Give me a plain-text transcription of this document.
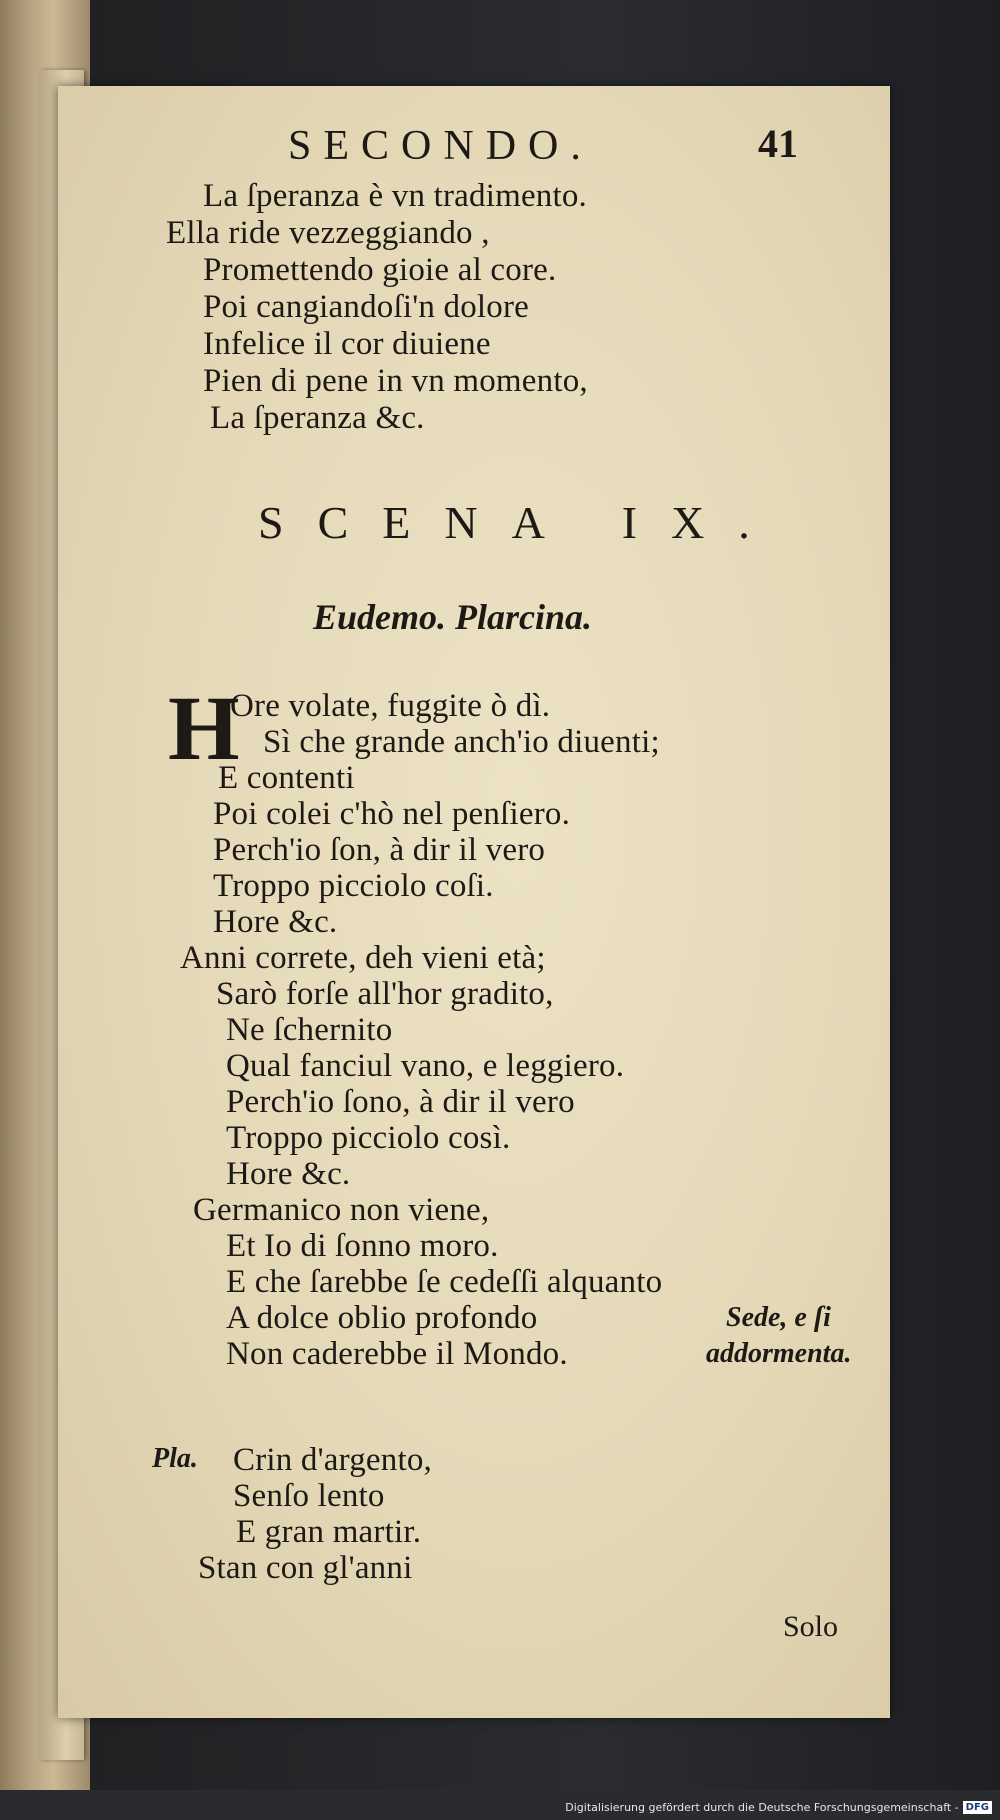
SECONDO.	41
La ſperanza è vn tradimento.
Ella ride vezzeggiando ,
Promettendo gioie al core.
Poi cangiandoſi'n dolore
Infelice il cor diuiene
Pien di pene in vn momento,
La ſperanza &c.
SCENA IX.
Eudemo. Plarcina.
H
Ore volate, fuggite ò dì.
Sì che grande anch'io diuenti;
E contenti
Poi colei c'hò nel penſiero.
Perch'io ſon, à dir il vero
Troppo picciolo coſi.
Hore &c.
Anni correte, deh vieni età;
Sarò forſe all'hor gradito,
Ne ſchernito
Qual fanciul vano, e leggiero.
Perch'io ſono, à dir il vero
Troppo picciolo così.
Hore &c.
Germanico non viene,
Et Io di ſonno moro.
E che ſarebbe ſe cedeſſi alquanto
A dolce oblio profondo
Non caderebbe il Mondo.
Sede, e ſi
addormenta.
Crin d'argento,
Pla.
Senſo lento
E gran martir.
Stan con gl'anni
Solo
Digitalisierung gefördert durch die Deutsche Forschungsgemeinschaft - DFG
